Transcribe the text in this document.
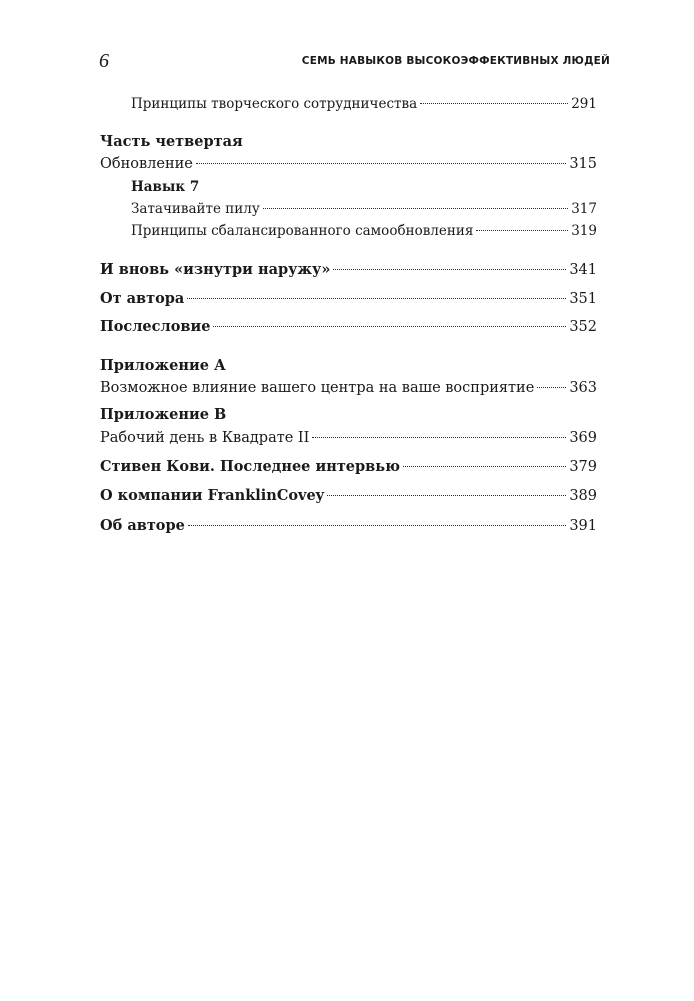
6	СЕМЬ НАВЫКОВ ВЫСОКОЭФФЕКТИВНЫХ ЛЮДЕЙ
Принципы творческого сотрудничества	291
Часть четвертая
Обновление	315
Навык 7
Затачивайте пилу	317
Принципы сбалансированного самообновления	319
И вновь «изнутри наружу»	341
От автора	351
Послесловие	352
Приложение А
Возможное влияние вашего центра на ваше восприятие 363
Приложение В
Рабочий день в Квадрате II	369
Стивен Кови. Последнее интервью	379
О компании FranklinCovey	389
Об авторе	391
